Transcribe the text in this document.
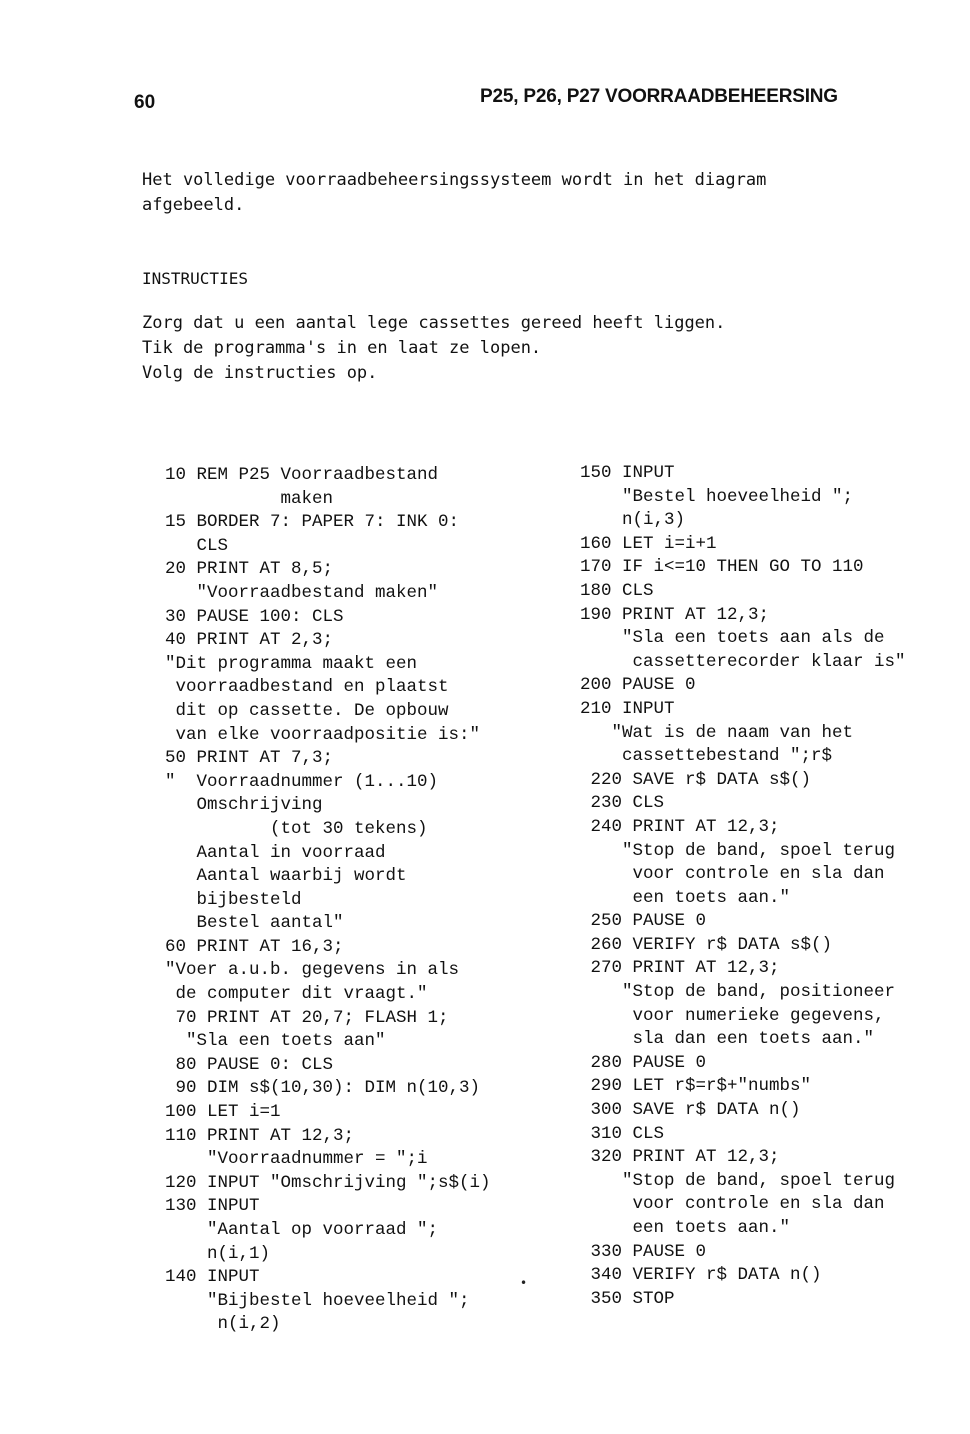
60	P25, P26, P27 VOORRAADBEHEERSING
Het volledige voorraadbeheersingssysteem wordt in het diagram
afgebeeld.
INSTRUCTIES
Zorg dat u een aantal lege cassettes gereed heeft liggen.
Tik de programma's in en laat ze lopen.
Volg de instructies op.
10 REM P25 Voorraadbestand
maken
15 BORDER 7: PAPER 7: INK 0:
CLS
20 PRINT AT 8,5;
"Voorraadbestand maken"
30 PAUSE 100: CLS
40 PRINT AT 2,3;
"Dit programma maakt een
voorraadbestand en plaatst
dit op cassette. De opbouw
van elke voorraadpositie is:"
50 PRINT AT 7,3;
"  Voorraadnummer (1...10)
Omschrijving
(tot 30 tekens)
Aantal in voorraad
Aantal waarbij wordt
bijbesteld
Bestel aantal"
60 PRINT AT 16,3;
"Voer a.u.b. gegevens in als
de computer dit vraagt."
70 PRINT AT 20,7; FLASH 1;
"Sla een toets aan"
80 PAUSE 0: CLS
90 DIM s$(10,30): DIM n(10,3)
100 LET i=1
110 PRINT AT 12,3;
"Voorraadnummer = ";i
120 INPUT "Omschrijving ";s$(i)
130 INPUT
"Aantal op voorraad ";
n(i,1)
140 INPUT
"Bijbestel hoeveelheid ";
n(i,2)
150 INPUT
"Bestel hoeveelheid ";
n(i,3)
160 LET i=i+1
170 IF i<=10 THEN GO TO 110
180 CLS
190 PRINT AT 12,3;
"Sla een toets aan als de
cassetterecorder klaar is"
200 PAUSE 0
210 INPUT
"Wat is de naam van het
cassettebestand ";r$
220 SAVE r$ DATA s$()
230 CLS
240 PRINT AT 12,3;
"Stop de band, spoel terug
voor controle en sla dan
een toets aan."
250 PAUSE 0
260 VERIFY r$ DATA s$()
270 PRINT AT 12,3;
"Stop de band, positioneer
voor numerieke gegevens,
sla dan een toets aan."
280 PAUSE 0
290 LET r$=r$+"numbs"
300 SAVE r$ DATA n()
310 CLS
320 PRINT AT 12,3;
"Stop de band, spoel terug
voor controle en sla dan
een toets aan."
330 PAUSE 0
340 VERIFY r$ DATA n()
350 STOP
•
